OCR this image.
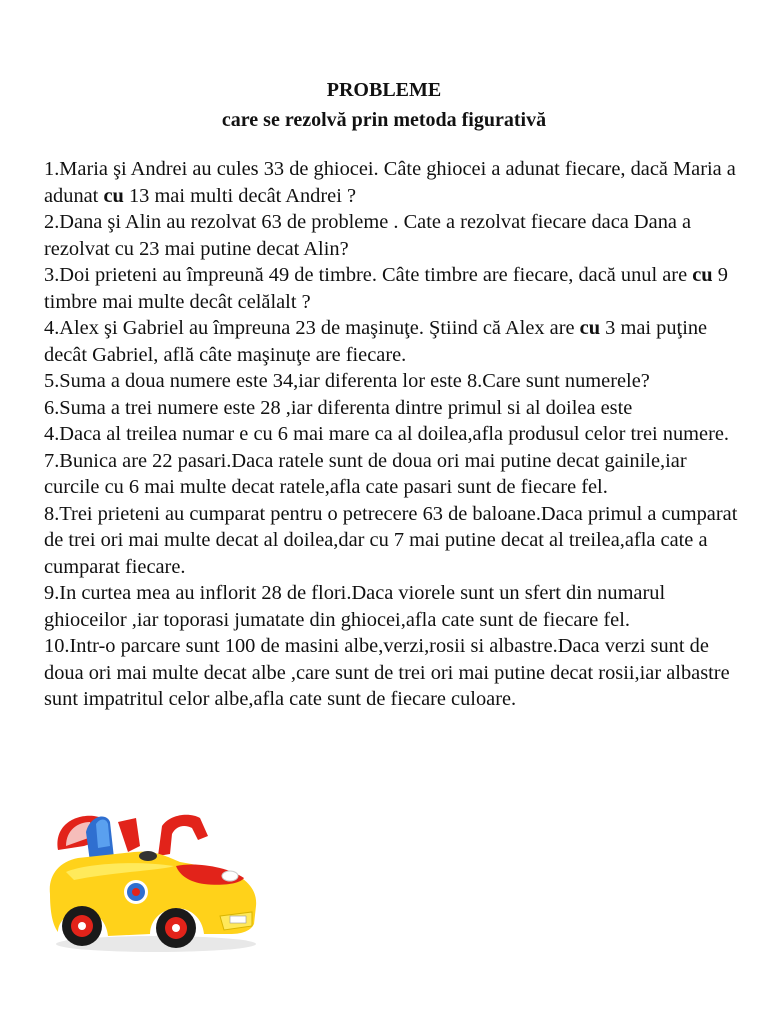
PROBLEME
care se rezolvă prin metoda figurativă

1.Maria şi Andrei au cules 33 de ghiocei. Câte ghiocei a adunat fiecare, dacă Maria a adunat cu 13 mai multi decât Andrei ?

2.Dana şi Alin au rezolvat 63 de probleme . Cate a rezolvat fiecare daca Dana a rezolvat cu 23 mai putine decat Alin?

3.Doi prieteni au împreună 49 de timbre. Câte timbre are fiecare, dacă unul are cu 9 timbre mai multe decât celălalt ?

4.Alex şi Gabriel au împreuna 23 de maşinuţe. Ştiind că Alex are cu 3 mai puţine decât Gabriel, află câte maşinuţe are fiecare.

5.Suma a doua numere este 34,iar diferenta lor este 8.Care sunt numerele?

6.Suma a trei numere este 28 ,iar diferenta dintre primul si al doilea este

4.Daca al treilea numar e cu 6 mai mare ca al doilea,afla produsul celor trei numere.

7.Bunica are 22 pasari.Daca ratele sunt de doua ori mai putine decat gainile,iar curcile cu 6 mai multe decat ratele,afla cate pasari sunt de fiecare fel.

8.Trei prieteni au cumparat pentru o petrecere 63 de baloane.Daca primul a cumparat de trei ori mai multe decat al doilea,dar cu 7 mai putine decat al treilea,afla cate a cumparat fiecare.

9.In curtea mea au inflorit 28 de flori.Daca viorele sunt un sfert din numarul ghioceilor ,iar toporasi jumatate din ghiocei,afla cate sunt de fiecare fel.

10.Intr-o parcare sunt 100 de masini albe,verzi,rosii si albastre.Daca verzi sunt de doua ori mai multe decat albe ,care sunt de trei ori mai putine decat rosii,iar albastre sunt impatritul celor albe,afla cate sunt de fiecare culoare.
